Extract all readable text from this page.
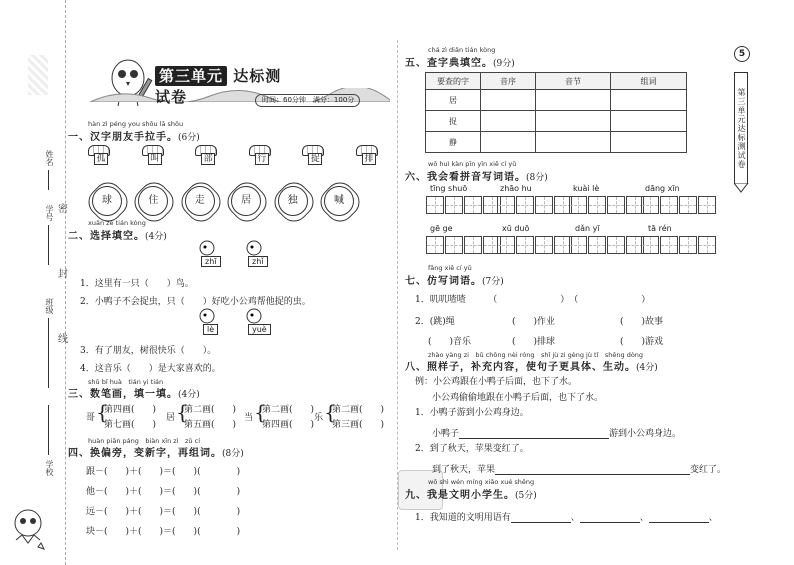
姓名
学号
班级
学校
密
封
线
第三单元 达标测试卷	时间：60分钟　 满分：100分
hàn zì péng you shǒu lā shǒu
一、汉字朋友手拉手。(6分)
孤	叫	部	行	捉	排
球	住	走	居	独	喊
xuǎn zé tián kòng
二、选择填空。(4分)
zhī	zhǐ
1．这里有一只（　　）鸟。
2．小鸭子不会捉虫，只（　　）好吃小公鸡帮他捉的虫。
lè	yuè
3．有了朋友，树很快乐（　　）。
4．这音乐（　　）是大家喜欢的。
shǔ bǐ huà　tián yi tián
三、数笔画，填一填。(4分)
哥 {
第四画(　　)
第七画(　　)
居 {
第二画(　　)
第五画(　　)
当 {
第二画(　　)
第四画(　　)
乐 {
第二画(　　)
第三画(　　)
huàn piān páng　biàn xīn zì　zǔ cí
四、换偏旁，变新字，再组词。(8分)
跟－(　　)＋(　　)＝(　　)(　　　　)
他－(　　)＋(　　)＝(　　)(　　　　)
远－(　　)＋(　　)＝(　　)(　　　　)
块－(　　)＋(　　)＝(　　)(　　　　)
chá zì diǎn tián kòng
五、查字典填空。(9分)
要查的字	音序	音节	组词
居			
捉			
静			
wǒ huì kàn pīn yīn xiě cí yǔ
六、我会看拼音写词语。(8分)
tīng shuō	zhāo hu	kuài lè	dāng xīn
gē ge	xū duō	dǎn yī	tā rén
fǎng xiě cí yǔ
七、仿写词语。(7分)
1．叽叽喳喳　　　（　　　　　　　）　（　　　　　　　）
2．(跳)绳	(　　)作业	(　　)故事
(　　)音乐	(　　)排球	(　　)游戏
zhào yàng zi　bǔ chōng nèi róng　shǐ jù zi gèng jù tǐ　shēng dòng
八、照样子，补充内容，使句子更具体、生动。(4分)
例：小公鸡跟在小鸭子后面，也下了水。
小公鸡偷偷地跟在小鸭子后面，也下了水。
1．小鸭子游到小公鸡身边。
小鸭子	游到小公鸡身边。
2．到了秋天，苹果变红了。
到了秋天，苹果	变红了。
wǒ shì wén míng xiǎo xué shēng
九、我是文明小学生。(5分)
1．我知道的文明用语有	、	、	、
5
第三单元达标测试卷
